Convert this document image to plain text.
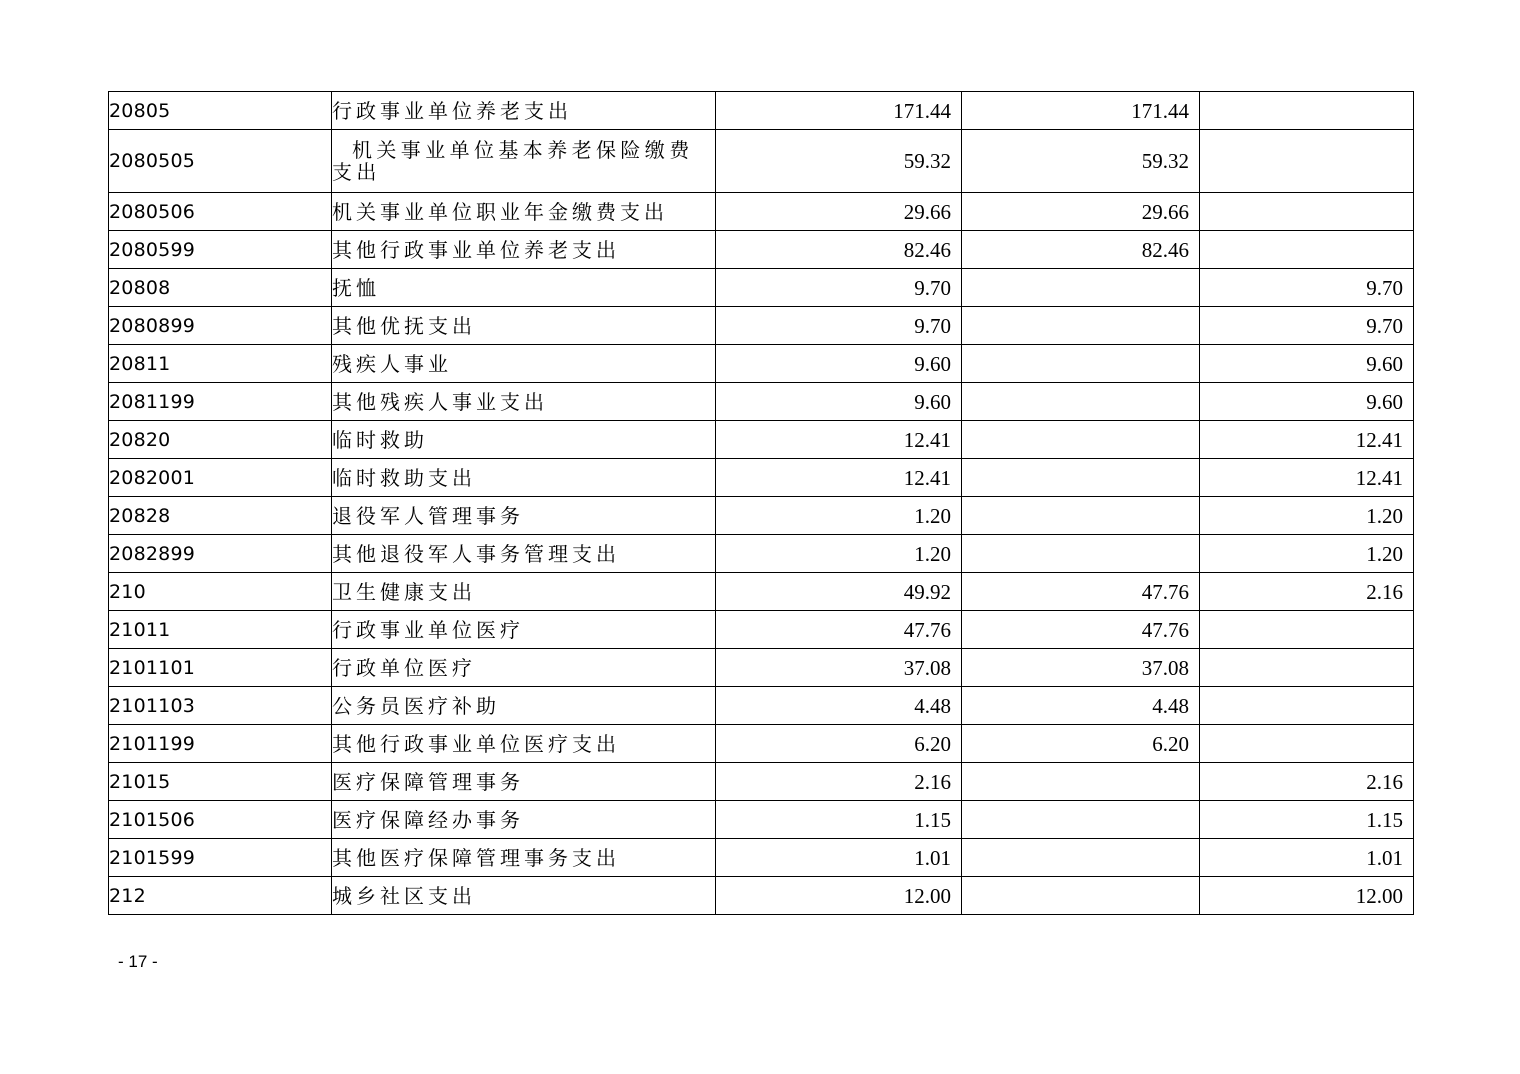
20805	行政事业单位养老支出	171.44	171.44	
2080505	机关事业单位基本养老保险缴费支出	59.32	59.32	
2080506	机关事业单位职业年金缴费支出	29.66	29.66	
2080599	其他行政事业单位养老支出	82.46	82.46	
20808	抚恤	9.70		9.70
2080899	其他优抚支出	9.70		9.70
20811	残疾人事业	9.60		9.60
2081199	其他残疾人事业支出	9.60		9.60
20820	临时救助	12.41		12.41
2082001	临时救助支出	12.41		12.41
20828	退役军人管理事务	1.20		1.20
2082899	其他退役军人事务管理支出	1.20		1.20
210	卫生健康支出	49.92	47.76	2.16
21011	行政事业单位医疗	47.76	47.76	
2101101	行政单位医疗	37.08	37.08	
2101103	公务员医疗补助	4.48	4.48	
2101199	其他行政事业单位医疗支出	6.20	6.20	
21015	医疗保障管理事务	2.16		2.16
2101506	医疗保障经办事务	1.15		1.15
2101599	其他医疗保障管理事务支出	1.01		1.01
212	城乡社区支出	12.00		12.00
- 17 -
